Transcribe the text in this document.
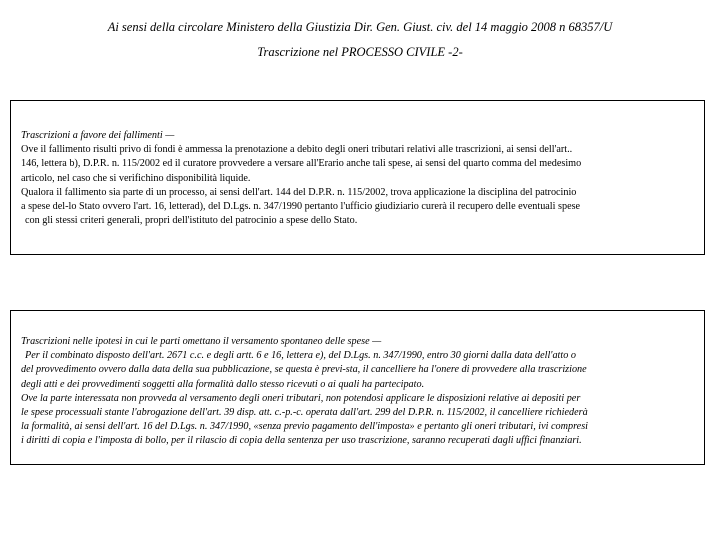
Ai sensi della circolare Ministero della Giustizia Dir. Gen. Giust. civ. del 14 maggio 2008 n 68357/U
Trascrizione nel PROCESSO CIVILE -2-
Trascrizioni a favore dei fallimenti —
Ove il fallimento risulti privo di fondi è ammessa la prenotazione a debito degli oneri tributari relativi alle trascrizioni, ai sensi dell'art..
146, lettera b), D.P.R. n. 115/2002 ed il curatore provvedere a versare all'Erario anche tali spese, ai sensi del quarto comma del medesimo
articolo, nel caso che si verifichino disponibilità liquide.
Qualora il fallimento sia parte di un processo, ai sensi dell'art. 144 del D.P.R. n. 115/2002, trova applicazione la disciplina del patrocinio
a spese del-lo Stato ovvero l'art. 16, letterad), del D.Lgs. n. 347/1990 pertanto l'ufficio giudiziario curerà il recupero delle eventuali spese
con gli stessi criteri generali, propri dell'istituto del patrocinio a spese dello Stato.
Trascrizioni nelle ipotesi in cui le parti omettano il versamento spontaneo delle spese —
Per il combinato disposto dell'art. 2671 c.c. e degli artt. 6 e 16, lettera e), del D.Lgs. n. 347/1990, entro 30 giorni dalla data dell'atto o
del provvedimento ovvero dalla data della sua pubblicazione, se questa è previ-sta, il cancelliere ha l'onere di provvedere alla trascrizione
degli atti e dei provvedimenti soggetti alla formalità dallo stesso ricevuti o ai quali ha partecipato.
Ove la parte interessata non provveda al versamento degli oneri tributari, non potendosi applicare le disposizioni relative ai depositi per
le spese processuali stante l'abrogazione dell'art. 39 disp. att. c.-p.-c. operata dall'art. 299 del D.P.R. n. 115/2002, il cancelliere richiederà
la formalità, ai sensi dell'art. 16 del D.Lgs. n. 347/1990, «senza previo pagamento dell'imposta» e pertanto gli oneri tributari, ivi compresi
i diritti di copia e l'imposta di bollo, per il rilascio di copia della sentenza per uso trascrizione, saranno recuperati dagli uffici finanziari.
